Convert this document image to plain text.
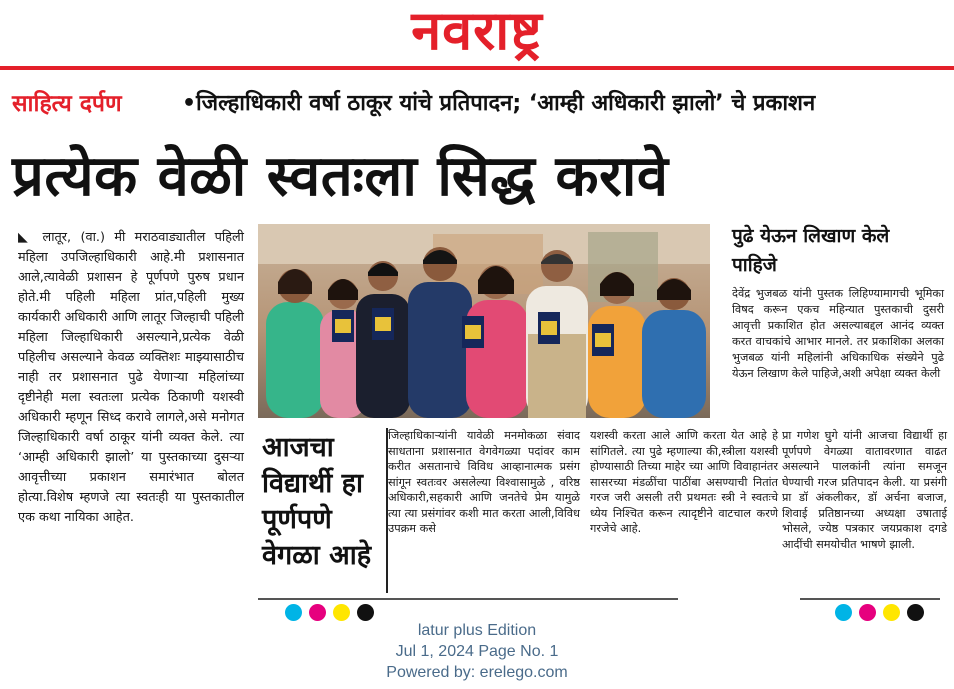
नवराष्ट्र
साहित्य दर्पण	•जिल्हाधिकारी वर्षा ठाकूर यांचे प्रतिपादन; ‘आम्ही अधिकारी झालो’ चे प्रकाशन
प्रत्येक वेळी स्वतःला सिद्ध करावे
◣ लातूर, (वा.) मी मराठवाड्यातील पहिली महिला उपजिल्हाधिकारी आहे.मी प्रशासनात आले,त्यावेळी प्रशासन हे पूर्णपणे पुरुष प्रधान होते.मी पहिली महिला प्रांत,पहिली मुख्य कार्यकारी अधिकारी आणि लातूर जिल्हाची पहिली महिला जिल्हाधिकारी असल्याने,प्रत्येक वेळी पहिलीच असल्याने केवळ व्यक्तिशः माझ्यासाठीच नाही तर प्रशासनात पुढे येणाऱ्या महिलांच्या दृष्टीनेही मला स्वतःला प्रत्येक ठिकाणी यशस्वी अधिकारी म्हणून सिध्द करावे लागले,असे मनोगत जिल्हाधिकारी वर्षा ठाकूर यांनी व्यक्त केले. त्या ‘आम्ही अधिकारी झालो’ या पुस्तकाच्या दुसऱ्या आवृत्तीच्या प्रकाशन समारंभात बोलत होत्या.विशेष म्हणजे त्या स्वतःही या पुस्तकातील एक कथा नायिका आहेत.
पुढे येऊन लिखाण केले पाहिजे
देवेंद्र भुजबळ यांनी पुस्तक लिहिण्यामागची भूमिका विषद करून एकच महिन्यात पुस्तकाची दुसरी आवृत्ती प्रकाशित होत असल्याबद्दल आनंद व्यक्त करत वाचकांचे आभार मानले. तर प्रकाशिका अलका भुजबळ यांनी महिलांनी अधिकाधिक संख्येने पुढे येऊन लिखाण केले पाहिजे,अशी अपेक्षा व्यक्त केली
आजचा विद्यार्थी हा पूर्णपणे वेगळा आहे
जिल्हाधिकाऱ्यांनी यावेळी मनमोकळा संवाद साधताना प्रशासनात वेगवेगळ्या पदांवर काम करीत असतानाचे विविध आव्हानात्मक प्रसंग सांगून स्वतःवर असलेल्या विश्वासामुळे , वरिष्ठ अधिकारी,सहकारी आणि जनतेचे प्रेम यामुळे त्या त्या प्रसंगांवर कशी मात करता आली,विविध उपक्रम कसे
यशस्वी करता आले आणि करता येत आहे हे सांगितले. त्या पुढे म्हणाल्या की,स्त्रीला यशस्वी होण्यासाठी तिच्या माहेर च्या आणि विवाहानंतर सासरच्या मंडळींचा पाठींबा असण्याची नितांत गरज जरी असली तरी प्रथमतः स्त्री ने स्वतःचे ध्येय निश्चित करून त्यादृष्टीने वाटचाल करणे गरजेचे आहे.
प्रा गणेश घुगे यांनी आजचा विद्यार्थी हा पूर्णपणे वेगळ्या वातावरणात वाढत असल्याने पालकांनी त्यांना समजून घेण्याची गरज प्रतिपादन केली. या प्रसंगी प्रा डॉ अंकलीकर, डॉ अर्चना बजाज, शिवाई प्रतिष्ठानच्या अध्यक्षा उषाताई भोसले, ज्येष्ठ पत्रकार जयप्रकाश दगडे आदींची समयोचीत भाषणे झाली.
latur plus Edition
Jul 1, 2024 Page No. 1
Powered by: erelego.com
